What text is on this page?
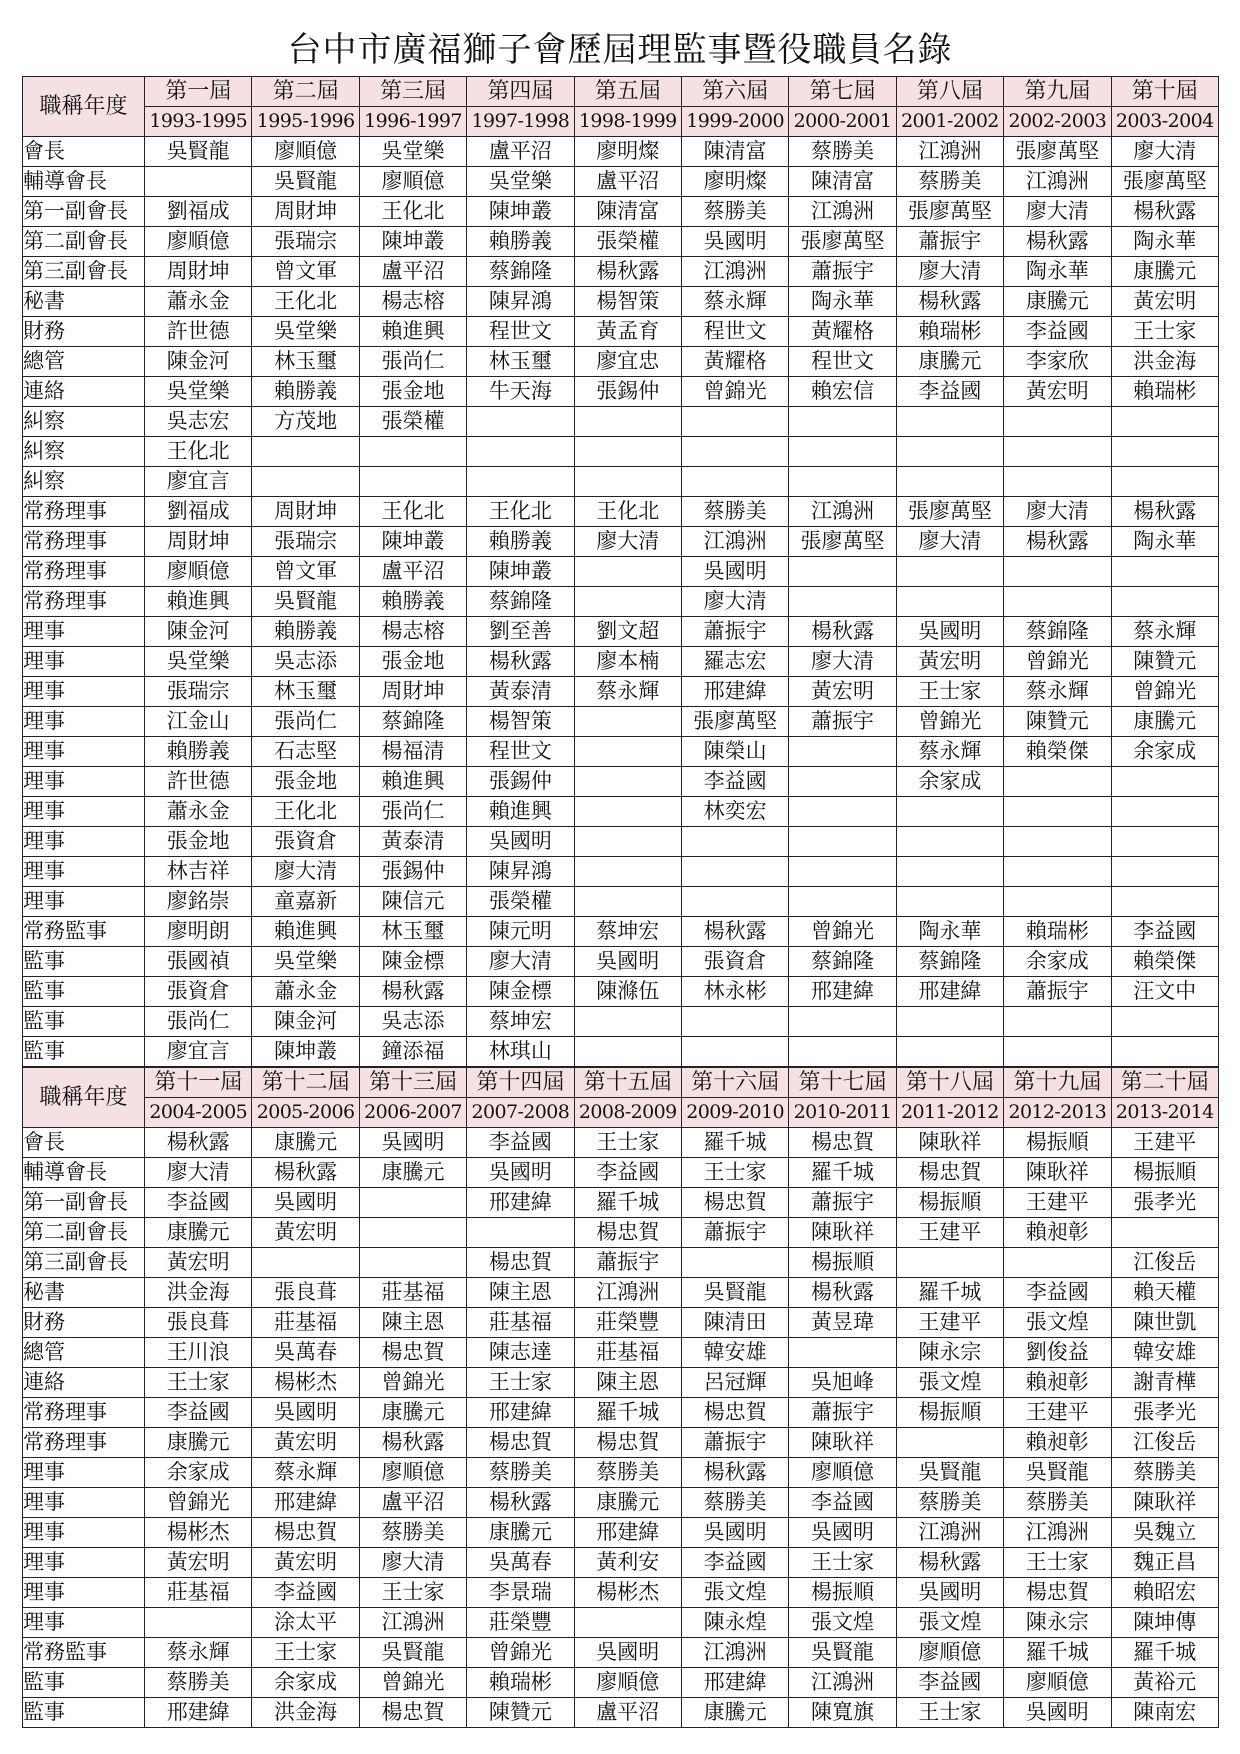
台中市廣福獅子會歷屆理監事暨役職員名錄
職稱年度	第一屆	第二屆	第三屆	第四屆	第五屆	第六屆	第七屆	第八屆	第九屆	第十屆
	1993-1995	1995-1996	1996-1997	1997-1998	1998-1999	1999-2000	2000-2001	2001-2002	2002-2003	2003-2004
會長	吳賢龍	廖順億	吳堂樂	盧平沼	廖明燦	陳清富	蔡勝美	江鴻洲	張廖萬堅	廖大清
輔導會長		吳賢龍	廖順億	吳堂樂	盧平沼	廖明燦	陳清富	蔡勝美	江鴻洲	張廖萬堅
第一副會長	劉福成	周財坤	王化北	陳坤叢	陳清富	蔡勝美	江鴻洲	張廖萬堅	廖大清	楊秋露
第二副會長	廖順億	張瑞宗	陳坤叢	賴勝義	張榮權	吳國明	張廖萬堅	蕭振宇	楊秋露	陶永華
第三副會長	周財坤	曾文軍	盧平沼	蔡錦隆	楊秋露	江鴻洲	蕭振宇	廖大清	陶永華	康騰元
秘書	蕭永金	王化北	楊志榕	陳昇鴻	楊智策	蔡永輝	陶永華	楊秋露	康騰元	黃宏明
財務	許世德	吳堂樂	賴進興	程世文	黃孟育	程世文	黃耀格	賴瑞彬	李益國	王士家
總管	陳金河	林玉璽	張尚仁	林玉璽	廖宜忠	黃耀格	程世文	康騰元	李家欣	洪金海
連絡	吳堂樂	賴勝義	張金地	牛天海	張錫仲	曾錦光	賴宏信	李益國	黃宏明	賴瑞彬
糾察	吳志宏	方茂地	張榮權							
糾察	王化北									
糾察	廖宜言									
常務理事	劉福成	周財坤	王化北	王化北	王化北	蔡勝美	江鴻洲	張廖萬堅	廖大清	楊秋露
常務理事	周財坤	張瑞宗	陳坤叢	賴勝義	廖大清	江鴻洲	張廖萬堅	廖大清	楊秋露	陶永華
常務理事	廖順億	曾文軍	盧平沼	陳坤叢		吳國明				
常務理事	賴進興	吳賢龍	賴勝義	蔡錦隆		廖大清				
理事	陳金河	賴勝義	楊志榕	劉至善	劉文超	蕭振宇	楊秋露	吳國明	蔡錦隆	蔡永輝
理事	吳堂樂	吳志添	張金地	楊秋露	廖本楠	羅志宏	廖大清	黃宏明	曾錦光	陳贊元
理事	張瑞宗	林玉璽	周財坤	黃泰清	蔡永輝	邢建緯	黃宏明	王士家	蔡永輝	曾錦光
理事	江金山	張尚仁	蔡錦隆	楊智策		張廖萬堅	蕭振宇	曾錦光	陳贊元	康騰元
理事	賴勝義	石志堅	楊福清	程世文		陳榮山		蔡永輝	賴榮傑	余家成
理事	許世德	張金地	賴進興	張錫仲		李益國		余家成		
理事	蕭永金	王化北	張尚仁	賴進興		林奕宏				
理事	張金地	張資倉	黃泰清	吳國明						
理事	林吉祥	廖大清	張錫仲	陳昇鴻						
理事	廖銘崇	童嘉新	陳信元	張榮權						
常務監事	廖明朗	賴進興	林玉璽	陳元明	蔡坤宏	楊秋露	曾錦光	陶永華	賴瑞彬	李益國
監事	張國禎	吳堂樂	陳金標	廖大清	吳國明	張資倉	蔡錦隆	蔡錦隆	余家成	賴榮傑
監事	張資倉	蕭永金	楊秋露	陳金標	陳滌伍	林永彬	邢建緯	邢建緯	蕭振宇	汪文中
監事	張尚仁	陳金河	吳志添	蔡坤宏						
監事	廖宜言	陳坤叢	鐘添福	林琪山						
職稱年度	第十一屆	第十二屆	第十三屆	第十四屆	第十五屆	第十六屆	第十七屆	第十八屆	第十九屆	第二十屆
	2004-2005	2005-2006	2006-2007	2007-2008	2008-2009	2009-2010	2010-2011	2011-2012	2012-2013	2013-2014
會長	楊秋露	康騰元	吳國明	李益國	王士家	羅千城	楊忠賀	陳耿祥	楊振順	王建平
輔導會長	廖大清	楊秋露	康騰元	吳國明	李益國	王士家	羅千城	楊忠賀	陳耿祥	楊振順
第一副會長	李益國	吳國明		邢建緯	羅千城	楊忠賀	蕭振宇	楊振順	王建平	張孝光
第二副會長	康騰元	黃宏明			楊忠賀	蕭振宇	陳耿祥	王建平	賴昶彰	
第三副會長	黃宏明			楊忠賀	蕭振宇		楊振順			江俊岳
秘書	洪金海	張良葺	莊基福	陳主恩	江鴻洲	吳賢龍	楊秋露	羅千城	李益國	賴天權
財務	張良葺	莊基福	陳主恩	莊基福	莊榮豐	陳清田	黃昱瑋	王建平	張文煌	陳世凱
總管	王川浪	吳萬春	楊忠賀	陳志達	莊基福	韓安雄		陳永宗	劉俊益	韓安雄
連絡	王士家	楊彬杰	曾錦光	王士家	陳主恩	呂冠輝	吳旭峰	張文煌	賴昶彰	謝青樺
常務理事	李益國	吳國明	康騰元	邢建緯	羅千城	楊忠賀	蕭振宇	楊振順	王建平	張孝光
常務理事	康騰元	黃宏明	楊秋露	楊忠賀	楊忠賀	蕭振宇	陳耿祥		賴昶彰	江俊岳
理事	余家成	蔡永輝	廖順億	蔡勝美	蔡勝美	楊秋露	廖順億	吳賢龍	吳賢龍	蔡勝美
理事	曾錦光	邢建緯	盧平沼	楊秋露	康騰元	蔡勝美	李益國	蔡勝美	蔡勝美	陳耿祥
理事	楊彬杰	楊忠賀	蔡勝美	康騰元	邢建緯	吳國明	吳國明	江鴻洲	江鴻洲	吳魏立
理事	黃宏明	黃宏明	廖大清	吳萬春	黃利安	李益國	王士家	楊秋露	王士家	魏正昌
理事	莊基福	李益國	王士家	李景瑞	楊彬杰	張文煌	楊振順	吳國明	楊忠賀	賴昭宏
理事		涂太平	江鴻洲	莊榮豐		陳永煌	張文煌	張文煌	陳永宗	陳坤傳
常務監事	蔡永輝	王士家	吳賢龍	曾錦光	吳國明	江鴻洲	吳賢龍	廖順億	羅千城	羅千城
監事	蔡勝美	余家成	曾錦光	賴瑞彬	廖順億	邢建緯	江鴻洲	李益國	廖順億	黃裕元
監事	邢建緯	洪金海	楊忠賀	陳贊元	盧平沼	康騰元	陳寬旗	王士家	吳國明	陳南宏
